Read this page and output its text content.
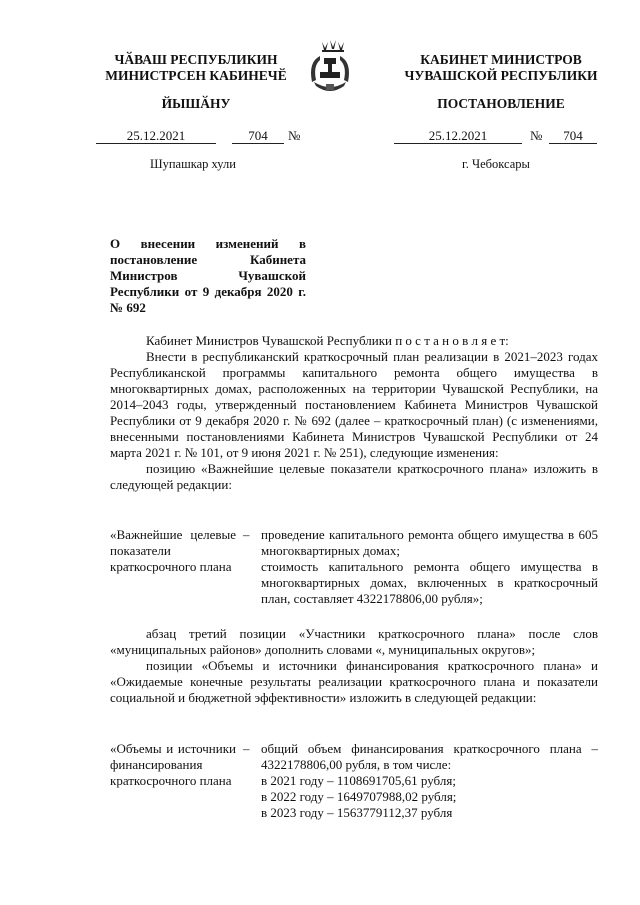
ЧӐВАШ РЕСПУБЛИКИН
МИНИСТРСЕН КАБИНЕЧӖ
КАБИНЕТ МИНИСТРОВ
ЧУВАШСКОЙ РЕСПУБЛИКИ
ЙЫШӐНУ	ПОСТАНОВЛЕНИЕ
25.12.2021	704	№	25.12.2021	№	704
Шупашкар хули	г. Чебоксары
О внесении изменений в постановление Кабинета Министров Чувашской Республики от 9 декабря 2020 г. № 692
Кабинет Министров Чувашской Республики п о с т а н о в л я е т:
Внести в республиканский краткосрочный план реализации в 2021–2023 годах Республиканской программы капитального ремонта общего имущества в многоквартирных домах, расположенных на территории Чувашской Республики, на 2014–2043 годы, утвержденный постановлением Кабинета Министров Чувашской Республики от 9 декабря 2020 г. № 692 (далее – краткосрочный план) (с изменениями, внесенными постановлениями Кабинета Министров Чувашской Республики от 24 марта 2021 г. № 101, от 9 июня 2021 г. № 251), следующие изменения:
позицию «Важнейшие целевые показатели краткосрочного плана» изложить в следующей редакции:
«Важнейшие целевые показатели краткосрочного плана
– проведение капитального ремонта общего имущества в 605 многоквартирных домах;
стоимость капитального ремонта общего имущества в многоквартирных домах, включенных в краткосрочный план, составляет 4322178806,00 рубля»;
абзац третий позиции «Участники краткосрочного плана» после слов «муниципальных районов» дополнить словами «, муниципальных округов»;
позиции «Объемы и источники финансирования краткосрочного плана» и «Ожидаемые конечные результаты реализации краткосрочного плана и показатели социальной и бюджетной эффективности» изложить в следующей редакции:
«Объемы и источники финансирования краткосрочного плана
– общий объем финансирования краткосрочного плана – 4322178806,00 рубля, в том числе:
в 2021 году – 1108691705,61 рубля;
в 2022 году – 1649707988,02 рубля;
в 2023 году – 1563779112,37 рубля
